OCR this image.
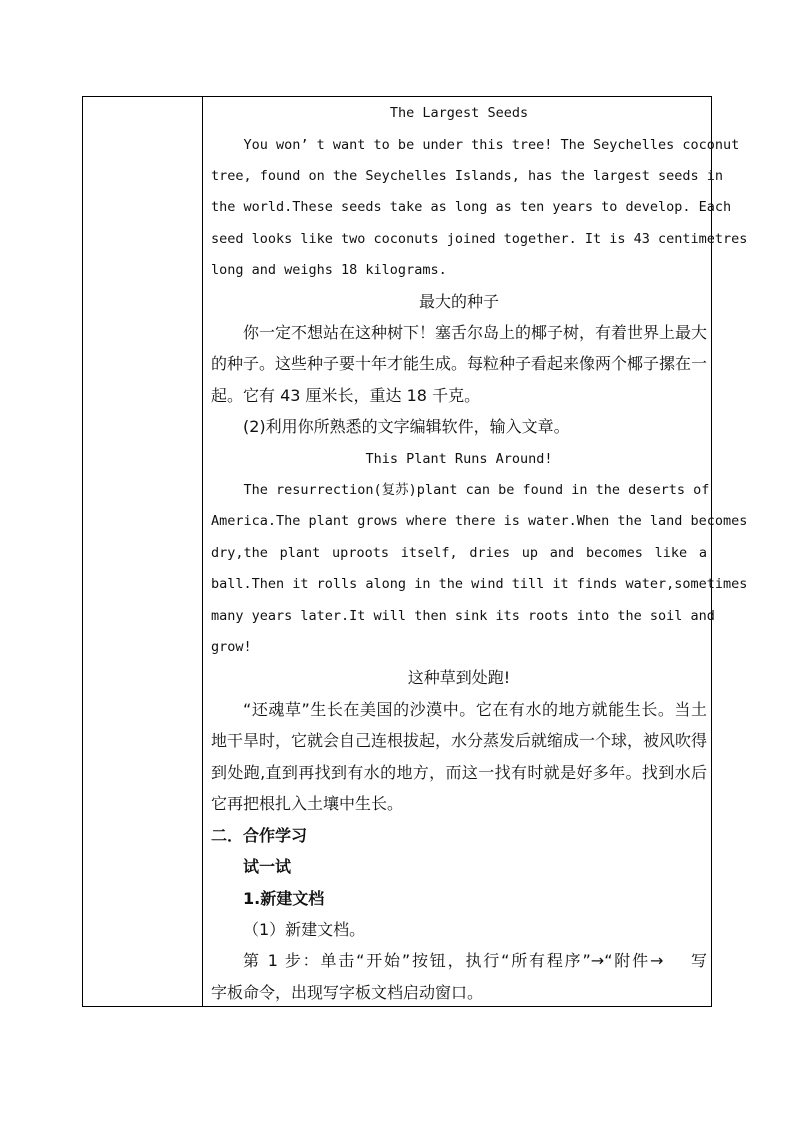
The Largest Seeds
You won’ t want to be under this tree! The Seychelles coconut
tree, found on the Seychelles Islands, has the largest seeds in
the world.These seeds take as long as ten years to develop. Each
seed looks like two coconuts joined together. It is 43 centimetres
long and weighs 18 kilograms.
最大的种子
你一定不想站在这种树下！塞舌尔岛上的椰子树，有着世界上最大
的种子。这些种子要十年才能生成。每粒种子看起来像两个椰子摞在一
起。它有 43 厘米长，重达 18 千克。
(2)利用你所熟悉的文字编辑软件，输入文章。
This Plant Runs Around!
The resurrection(复苏)plant can be found in the deserts of
America.The plant grows where there is water.When the land becomes
dry,the plant uproots itself, dries up and becomes like a
ball.Then it rolls along in the wind till it finds water,sometimes
many years later.It will then sink its roots into the soil and
grow!
这种草到处跑!
“还魂草”生长在美国的沙漠中。它在有水的地方就能生长。当土
地干旱时，它就会自己连根拔起，水分蒸发后就缩成一个球，被风吹得
到处跑,直到再找到有水的地方，而这一找有时就是好多年。找到水后
它再把根扎入土壤中生长。
二．合作学习
试一试
1.新建文档
（1）新建文档。
第 1 步：单击“开始”按钮，执行“所有程序”→“附件→    写
字板命令，出现写字板文档启动窗口。
